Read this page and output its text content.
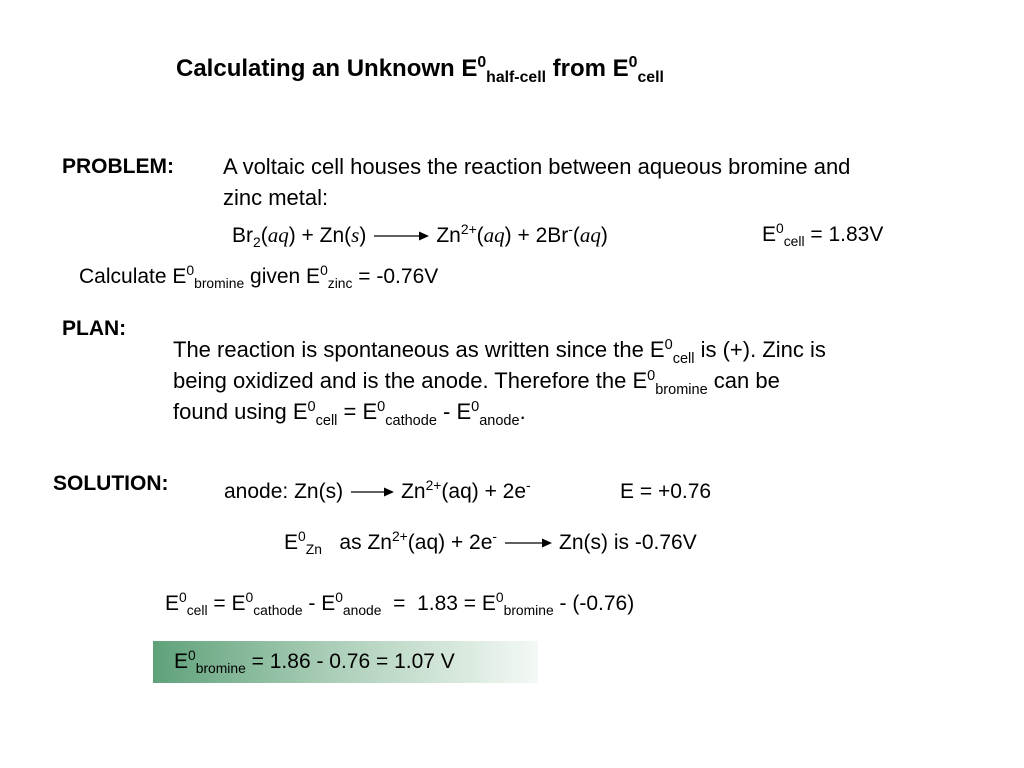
Calculating an Unknown $E^0_{half-cell}$ from $E^0_{cell}$
PROBLEM: A voltaic cell houses the reaction between aqueous bromine and
zinc metal:
$Br_2(aq) + Zn(s) \to Zn^{2+}(aq) + 2Br^-(aq)$	$E^0_{cell} = 1.83V$
Calculate $E^0_{bromine}$ given $E^0_{zinc} = -0.76V$
PLAN:
The reaction is spontaneous as written since the $E^0_{cell}$ is (+). Zinc is
being oxidized and is the anode. Therefore the $E^0_{bromine}$ can be
found using $E^0_{cell} = E^0_{cathode} - E^0_{anode}$.
SOLUTION:	anode: Zn(s)	$Zn^{2+}(aq) + 2e^-$	E = +0.76
$E^0_{Zn}$   as $Zn^{2+}(aq) + 2e^-$	Zn(s) is -0.76V
$E^0_{cell} = E^0_{cathode} - E^0_{anode} = 1.83 = E^0_{bromine} - (-0.76)$
$E^0_{bromine} = 1.86 - 0.76 = 1.07$ V
